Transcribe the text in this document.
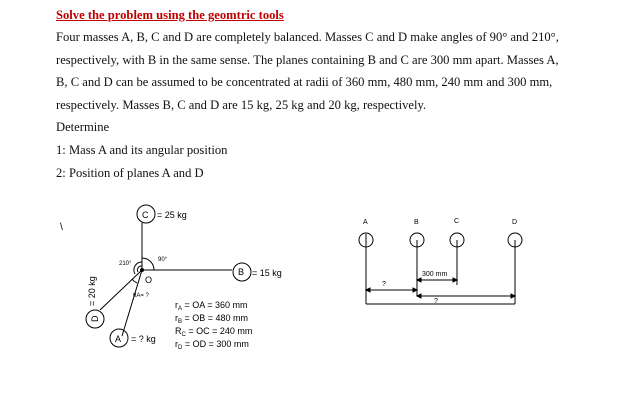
Solve the problem using the geomtric tools

Four masses A, B, C and D are completely balanced. Masses C and D make angles of 90° and 210°,

respectively, with B in the same sense. The planes containing B and C are 300 mm apart. Masses A,

B, C and D can be assumed to be concentrated at radii of 360 mm, 480 mm, 240 mm and 300 mm,

respectively. Masses B, C and D are 15 kg, 25 kg and 20 kg, respectively.

Determine

1: Mass A and its angular position

2: Position of planes A and D

\
C = 25 kg
90°
210°
O
θA= ?
B = 15 kg
D
= 20 kg
A = ? kg
$r_A$ = OA = 360 mm
$r_B$ = OB = 480 mm
$R_C$ = OC = 240 mm
$r_D$ = OD = 300 mm
A	B	C	D
?
300 mm
?
